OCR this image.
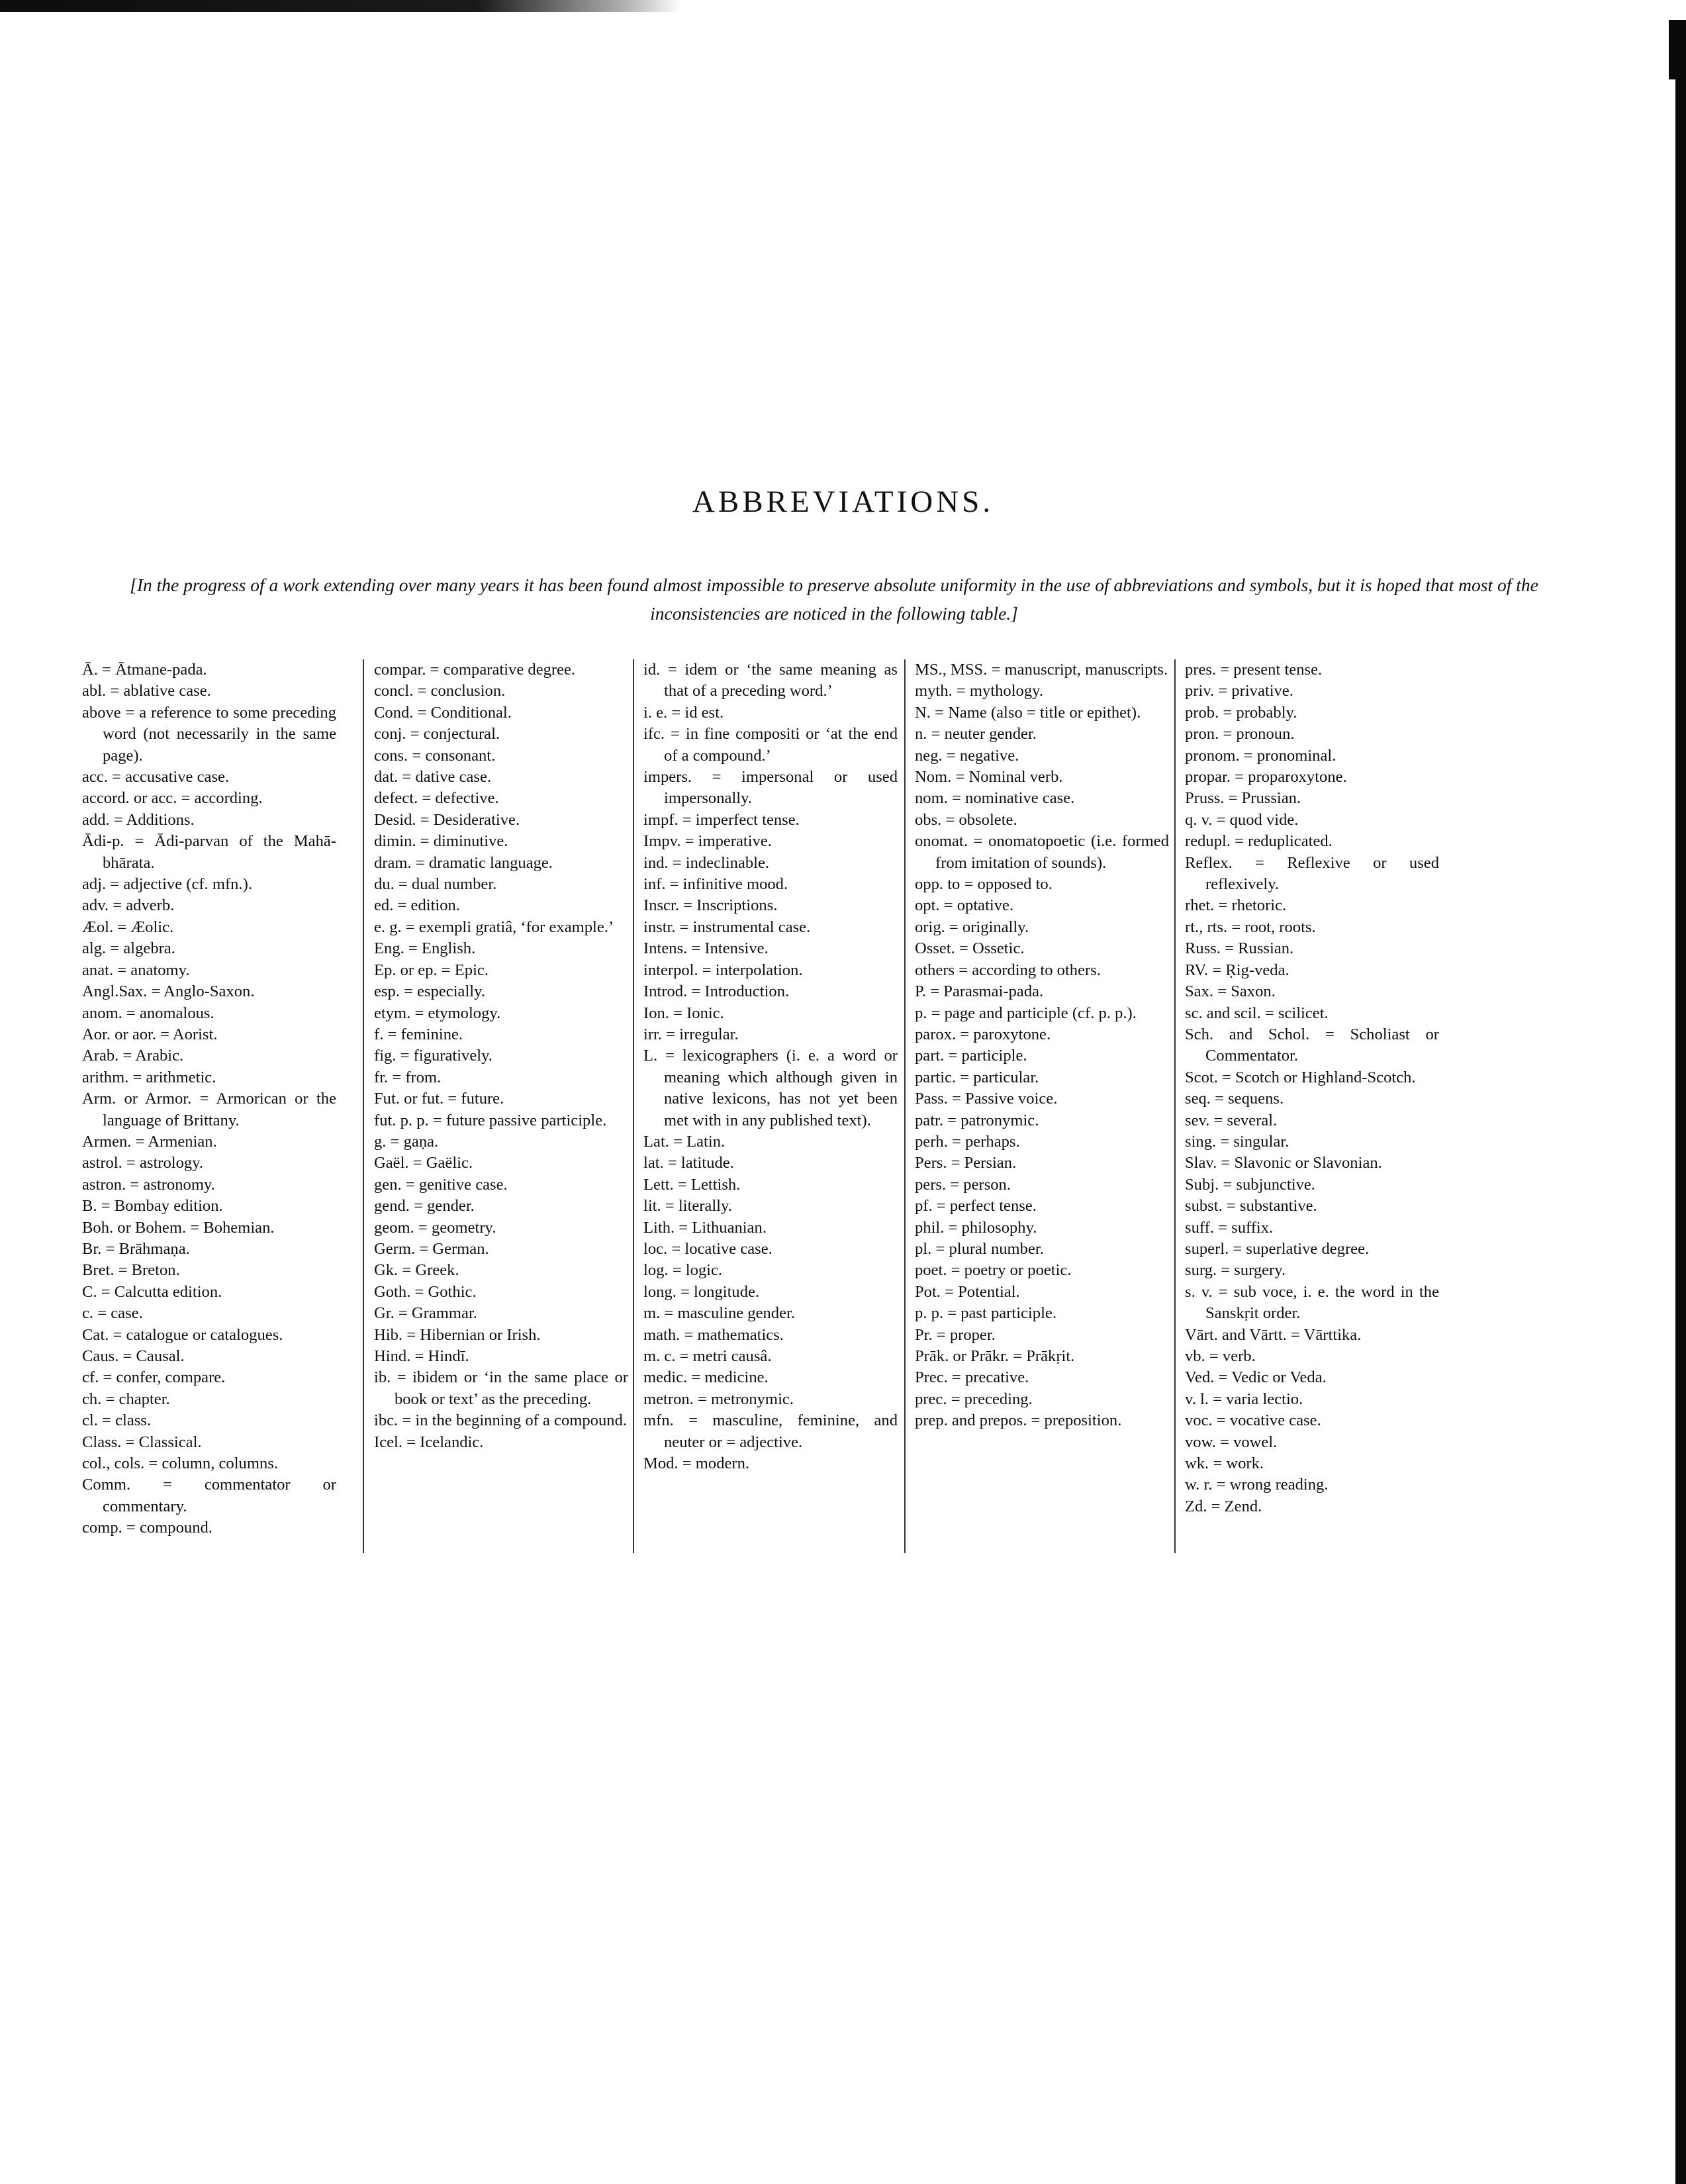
ABBREVIATIONS.

[In the progress of a work extending over many years it has been found almost impossible to preserve absolute uniformity in the use of abbreviations and symbols, but it is hoped that most of the inconsistencies are noticed in the following table.]

Ā. = Ātmane-pada.
abl. = ablative case.
above = a reference to some preceding word (not necessarily in the same page).
acc. = accusative case.
accord. or acc. = according.
add. = Additions.
Ādi-p. = Ādi-parvan of the Mahā-bhārata.
adj. = adjective (cf. mfn.).
adv. = adverb.
Æol. = Æolic.
alg. = algebra.
anat. = anatomy.
Angl.Sax. = Anglo-Saxon.
anom. = anomalous.
Aor. or aor. = Aorist.
Arab. = Arabic.
arithm. = arithmetic.
Arm. or Armor. = Armorican or the language of Brittany.
Armen. = Armenian.
astrol. = astrology.
astron. = astronomy.
B. = Bombay edition.
Boh. or Bohem. = Bohemian.
Br. = Brāhmaṇa.
Bret. = Breton.
C. = Calcutta edition.
c. = case.
Cat. = catalogue or catalogues.
Caus. = Causal.
cf. = confer, compare.
ch. = chapter.
cl. = class.
Class. = Classical.
col., cols. = column, columns.
Comm. = commentator or commentary.
comp. = compound.
compar. = comparative degree.
concl. = conclusion.
Cond. = Conditional.
conj. = conjectural.
cons. = consonant.
dat. = dative case.
defect. = defective.
Desid. = Desiderative.
dimin. = diminutive.
dram. = dramatic language.
du. = dual number.
ed. = edition.
e. g. = exempli gratiâ, ‘for example.’
Eng. = English.
Ep. or ep. = Epic.
esp. = especially.
etym. = etymology.
f. = feminine.
fig. = figuratively.
fr. = from.
Fut. or fut. = future.
fut. p. p. = future passive participle.
g. = gaṇa.
Gaël. = Gaëlic.
gen. = genitive case.
gend. = gender.
geom. = geometry.
Germ. = German.
Gk. = Greek.
Goth. = Gothic.
Gr. = Grammar.
Hib. = Hibernian or Irish.
Hind. = Hindī.
ib. = ibidem or ‘in the same place or book or text’ as the preceding.
ibc. = in the beginning of a compound.
Icel. = Icelandic.
id. = idem or ‘the same meaning as that of a preceding word.’
i. e. = id est.
ifc. = in fine compositi or ‘at the end of a compound.’
impers. = impersonal or used impersonally.
impf. = imperfect tense.
Impv. = imperative.
ind. = indeclinable.
inf. = infinitive mood.
Inscr. = Inscriptions.
instr. = instrumental case.
Intens. = Intensive.
interpol. = interpolation.
Introd. = Introduction.
Ion. = Ionic.
irr. = irregular.
L. = lexicographers (i. e. a word or meaning which although given in native lexicons, has not yet been met with in any published text).
Lat. = Latin.
lat. = latitude.
Lett. = Lettish.
lit. = literally.
Lith. = Lithuanian.
loc. = locative case.
log. = logic.
long. = longitude.
m. = masculine gender.
math. = mathematics.
m. c. = metri causâ.
medic. = medicine.
metron. = metronymic.
mfn. = masculine, feminine, and neuter or = adjective.
Mod. = modern.
MS., MSS. = manuscript, manuscripts.
myth. = mythology.
N. = Name (also = title or epithet).
n. = neuter gender.
neg. = negative.
Nom. = Nominal verb.
nom. = nominative case.
obs. = obsolete.
onomat. = onomatopoetic (i.e. formed from imitation of sounds).
opp. to = opposed to.
opt. = optative.
orig. = originally.
Osset. = Ossetic.
others = according to others.
P. = Parasmai-pada.
p. = page and participle (cf. p. p.).
parox. = paroxytone.
part. = participle.
partic. = particular.
Pass. = Passive voice.
patr. = patronymic.
perh. = perhaps.
Pers. = Persian.
pers. = person.
pf. = perfect tense.
phil. = philosophy.
pl. = plural number.
poet. = poetry or poetic.
Pot. = Potential.
p. p. = past participle.
Pr. = proper.
Prāk. or Prākr. = Prākṛit.
Prec. = precative.
prec. = preceding.
prep. and prepos. = preposition.
pres. = present tense.
priv. = privative.
prob. = probably.
pron. = pronoun.
pronom. = pronominal.
propar. = proparoxytone.
Pruss. = Prussian.
q. v. = quod vide.
redupl. = reduplicated.
Reflex. = Reflexive or used reflexively.
rhet. = rhetoric.
rt., rts. = root, roots.
Russ. = Russian.
RV. = Ṛig-veda.
Sax. = Saxon.
sc. and scil. = scilicet.
Sch. and Schol. = Scholiast or Commentator.
Scot. = Scotch or Highland-Scotch.
seq. = sequens.
sev. = several.
sing. = singular.
Slav. = Slavonic or Slavonian.
Subj. = subjunctive.
subst. = substantive.
suff. = suffix.
superl. = superlative degree.
surg. = surgery.
s. v. = sub voce, i. e. the word in the Sanskṛit order.
Vārt. and Vārtt. = Vārttika.
vb. = verb.
Ved. = Vedic or Veda.
v. l. = varia lectio.
voc. = vocative case.
vow. = vowel.
wk. = work.
w. r. = wrong reading.
Zd. = Zend.
